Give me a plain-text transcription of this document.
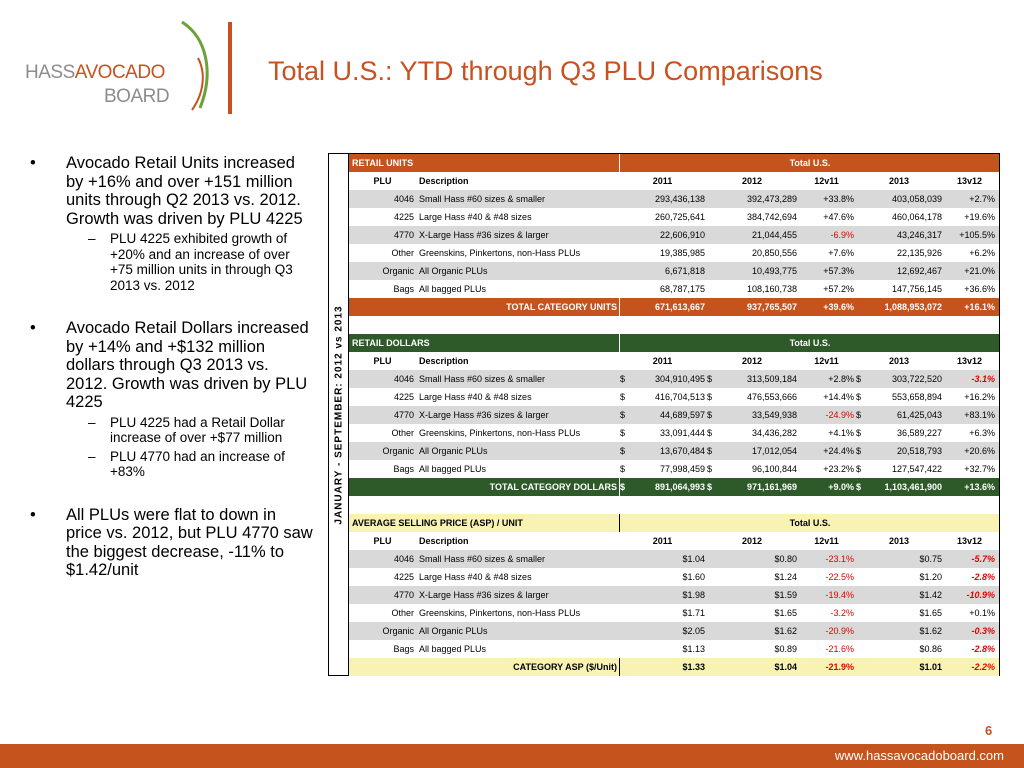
HASSAVOCADO
BOARD
Total U.S.: YTD through Q3 PLU Comparisons
• Avocado Retail Units increased by +16% and over +151 million units through Q2 2013 vs. 2012. Growth was driven by PLU 4225
– PLU 4225 exhibited growth of +20% and an increase of over +75 million units in through Q3 2013 vs. 2012
• Avocado Retail Dollars increased by +14% and +$132 million dollars through Q3 2013 vs. 2012. Growth was driven by PLU 4225
– PLU 4225 had a Retail Dollar increase of over +$77 million
– PLU 4770 had an increase of +83%
• All PLUs were flat to down in price vs. 2012, but PLU 4770 saw the biggest decrease, -11% to $1.42/unit
JANUARY - SEPTEMBER: 2012 vs 2013
RETAIL UNITS	Total U.S.
PLU	Description	2011	2012	12v11	2013	13v12
4046 Small Hass #60 sizes & smaller	293,436,138	392,473,289	+33.8%	403,058,039	+2.7%
4225 Large Hass #40 & #48 sizes	260,725,641	384,742,694	+47.6%	460,064,178	+19.6%
4770 X-Large Hass #36 sizes & larger	22,606,910	21,044,455	-6.9%	43,246,317	+105.5%
Other Greenskins, Pinkertons, non-Hass PLUs	19,385,985	20,850,556	+7.6%	22,135,926	+6.2%
Organic All Organic PLUs	6,671,818	10,493,775	+57.3%	12,692,467	+21.0%
Bags All bagged PLUs	68,787,175	108,160,738	+57.2%	147,756,145	+36.6%
TOTAL CATEGORY UNITS	671,613,667	937,765,507	+39.6%	1,088,953,072	+16.1%
RETAIL DOLLARS	Total U.S.
PLU	Description	2011	2012	12v11	2013	13v12
4046 Small Hass #60 sizes & smaller	$	304,910,495 $	313,509,184	+2.8% $	303,722,520	-3.1%
4225 Large Hass #40 & #48 sizes	$	416,704,513 $	476,553,666	+14.4% $	553,658,894	+16.2%
4770 X-Large Hass #36 sizes & larger	$	44,689,597 $	33,549,938	-24.9% $	61,425,043	+83.1%
Other Greenskins, Pinkertons, non-Hass PLUs	$	33,091,444 $	34,436,282	+4.1% $	36,589,227	+6.3%
Organic All Organic PLUs	$	13,670,484 $	17,012,054	+24.4% $	20,518,793	+20.6%
Bags All bagged PLUs	$	77,998,459 $	96,100,844	+23.2% $	127,547,422	+32.7%
TOTAL CATEGORY DOLLARS $	891,064,993 $	971,161,969	+9.0% $	1,103,461,900	+13.6%
AVERAGE SELLING PRICE (ASP) / UNIT	Total U.S.
PLU	Description	2011	2012	12v11	2013	13v12
4046 Small Hass #60 sizes & smaller	$1.04	$0.80	-23.1%	$0.75	-5.7%
4225 Large Hass #40 & #48 sizes	$1.60	$1.24	-22.5%	$1.20	-2.8%
4770 X-Large Hass #36 sizes & larger	$1.98	$1.59	-19.4%	$1.42	-10.9%
Other Greenskins, Pinkertons, non-Hass PLUs	$1.71	$1.65	-3.2%	$1.65	+0.1%
Organic All Organic PLUs	$2.05	$1.62	-20.9%	$1.62	-0.3%
Bags All bagged PLUs	$1.13	$0.89	-21.6%	$0.86	-2.8%
CATEGORY ASP ($/Unit)	$1.33	$1.04	-21.9%	$1.01	-2.2%
6
www.hassavocadoboard.com
